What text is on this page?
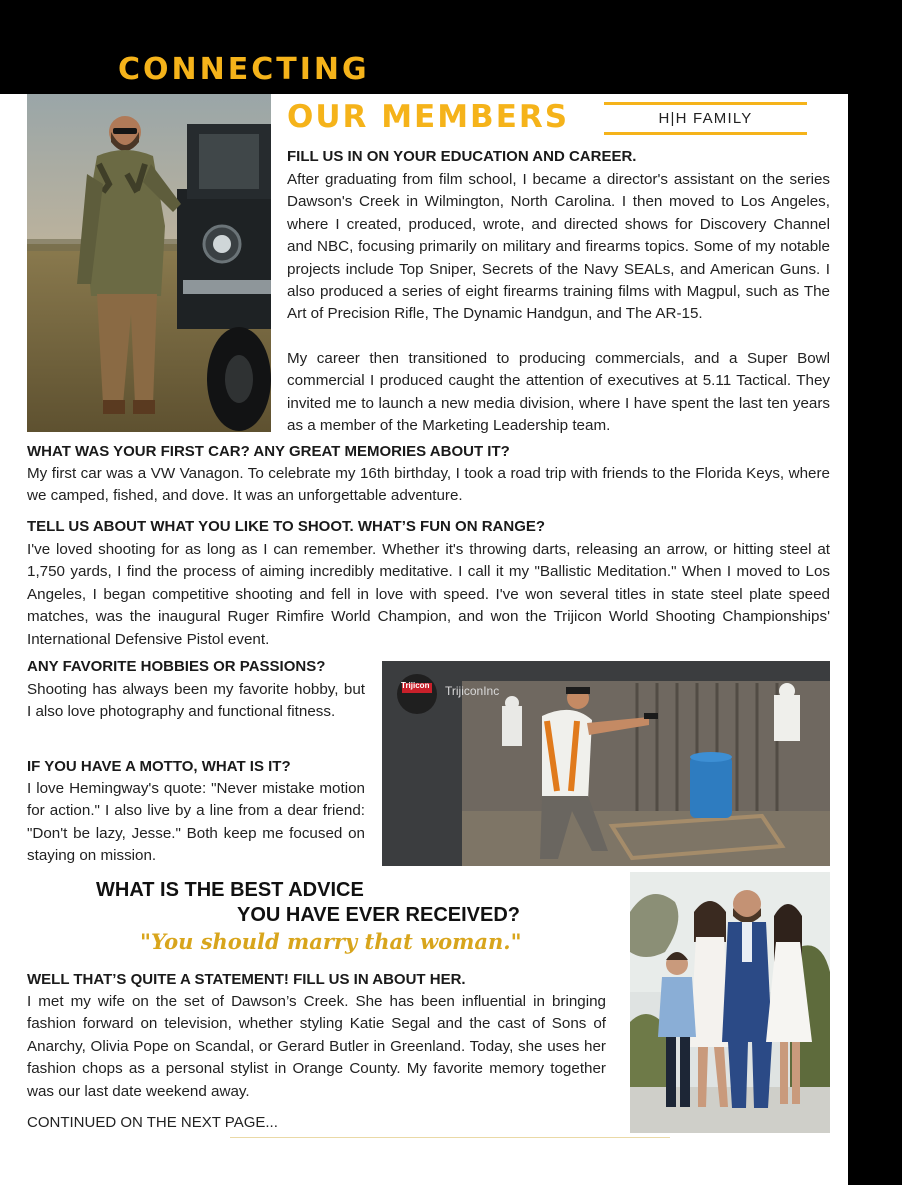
CONNECTING
OUR MEMBERS	H|H FAMILY

FILL US IN ON YOUR EDUCATION AND CAREER.

After graduating from film school, I became a director's assistant on the series Dawson's Creek in Wilmington, North Carolina. I then moved to Los Angeles, where I created, produced, wrote, and directed shows for Discovery Channel and NBC, focusing primarily on military and firearms topics. Some of my notable projects include Top Sniper, Secrets of the Navy SEALs, and American Guns. I also produced a series of eight firearms training films with Magpul, such as The Art of Precision Rifle, The Dynamic Handgun, and The AR-15.

My career then transitioned to producing commercials, and a Super Bowl commercial I produced caught the attention of executives at 5.11 Tactical. They invited me to launch a new media division, where I have spent the last ten years as a member of the Marketing Leadership team.

WHAT WAS YOUR FIRST CAR? ANY GREAT MEMORIES ABOUT IT?

My first car was a VW Vanagon. To celebrate my 16th birthday, I took a road trip with friends to the Florida Keys, where we camped, fished, and dove. It was an unforgettable adventure.

TELL US ABOUT WHAT YOU LIKE TO SHOOT. WHAT’S FUN ON RANGE?

I've loved shooting for as long as I can remember. Whether it's throwing darts, releasing an arrow, or hitting steel at 1,750 yards, I find the process of aiming incredibly meditative. I call it my "Ballistic Meditation." When I moved to Los Angeles, I began competitive shooting and fell in love with speed. I've won several titles in state steel plate speed matches, was the inaugural Ruger Rimfire World Champion, and won the Trijicon World Shooting Championships' International Defensive Pistol event.

ANY FAVORITE HOBBIES OR PASSIONS?

Shooting has always been my favorite hobby, but I also love photography and functional fitness.

IF YOU HAVE A MOTTO, WHAT IS IT?

I love Hemingway's quote: "Never mistake motion for action." I also live by a line from a dear friend: "Don't be lazy, Jesse." Both keep me focused on staying on mission.

Trijicon TrijiconInc

WHAT IS THE BEST ADVICE

YOU HAVE EVER RECEIVED?

"You should marry that woman."

WELL THAT’S QUITE A STATEMENT! FILL US IN ABOUT HER.

I met my wife on the set of Dawson’s Creek. She has been influential in bringing fashion forward on television, whether styling Katie Segal and the cast of Sons of Anarchy, Olivia Pope on Scandal, or Gerard Butler in Greenland. Today, she uses her fashion chops as a personal stylist in Orange County. My favorite memory together was our last date weekend away.

CONTINUED ON THE NEXT PAGE...
